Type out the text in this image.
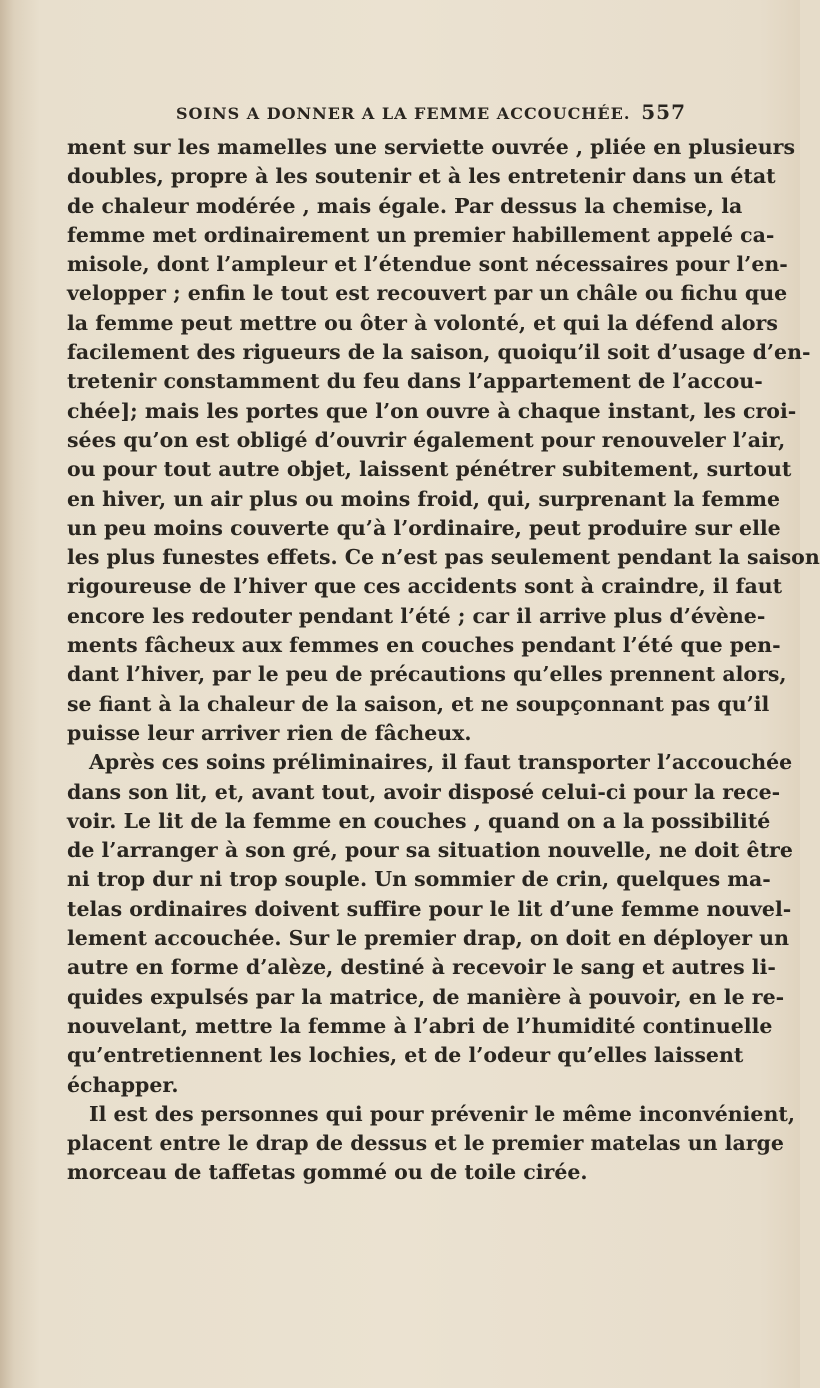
SOINS A DONNER A LA FEMME ACCOUCHÉE. 557
ment sur les mamelles une serviette ouvrée , pliée en plusieurs
doubles, propre à les soutenir et à les entretenir dans un état
de chaleur modérée , mais égale. Par dessus la chemise, la
femme met ordinairement un premier habillement appelé ca-
misole, dont l’ampleur et l’étendue sont nécessaires pour l’en-
velopper ; enfin le tout est recouvert par un châle ou fichu que
la femme peut mettre ou ôter à volonté, et qui la défend alors
facilement des rigueurs de la saison, quoiqu’il soit d’usage d’en-
tretenir constamment du feu dans l’appartement de l’accou-
chée]; mais les portes que l’on ouvre à chaque instant, les croi-
sées qu’on est obligé d’ouvrir également pour renouveler l’air,
ou pour tout autre objet, laissent pénétrer subitement, surtout
en hiver, un air plus ou moins froid, qui, surprenant la femme
un peu moins couverte qu’à l’ordinaire, peut produire sur elle
les plus funestes effets. Ce n’est pas seulement pendant la saison
rigoureuse de l’hiver que ces accidents sont à craindre, il faut
encore les redouter pendant l’été ; car il arrive plus d’évène-
ments fâcheux aux femmes en couches pendant l’été que pen-
dant l’hiver, par le peu de précautions qu’elles prennent alors,
se fiant à la chaleur de la saison, et ne soupçonnant pas qu’il
puisse leur arriver rien de fâcheux.
Après ces soins préliminaires, il faut transporter l’accouchée
dans son lit, et, avant tout, avoir disposé celui-ci pour la rece-
voir. Le lit de la femme en couches , quand on a la possibilité
de l’arranger à son gré, pour sa situation nouvelle, ne doit être
ni trop dur ni trop souple. Un sommier de crin, quelques ma-
telas ordinaires doivent suffire pour le lit d’une femme nouvel-
lement accouchée. Sur le premier drap, on doit en déployer un
autre en forme d’alèze, destiné à recevoir le sang et autres li-
quides expulsés par la matrice, de manière à pouvoir, en le re-
nouvelant, mettre la femme à l’abri de l’humidité continuelle
qu’entretiennent les lochies, et de l’odeur qu’elles laissent
échapper.
Il est des personnes qui pour prévenir le même inconvénient,
placent entre le drap de dessus et le premier matelas un large
morceau de taffetas gommé ou de toile cirée.
